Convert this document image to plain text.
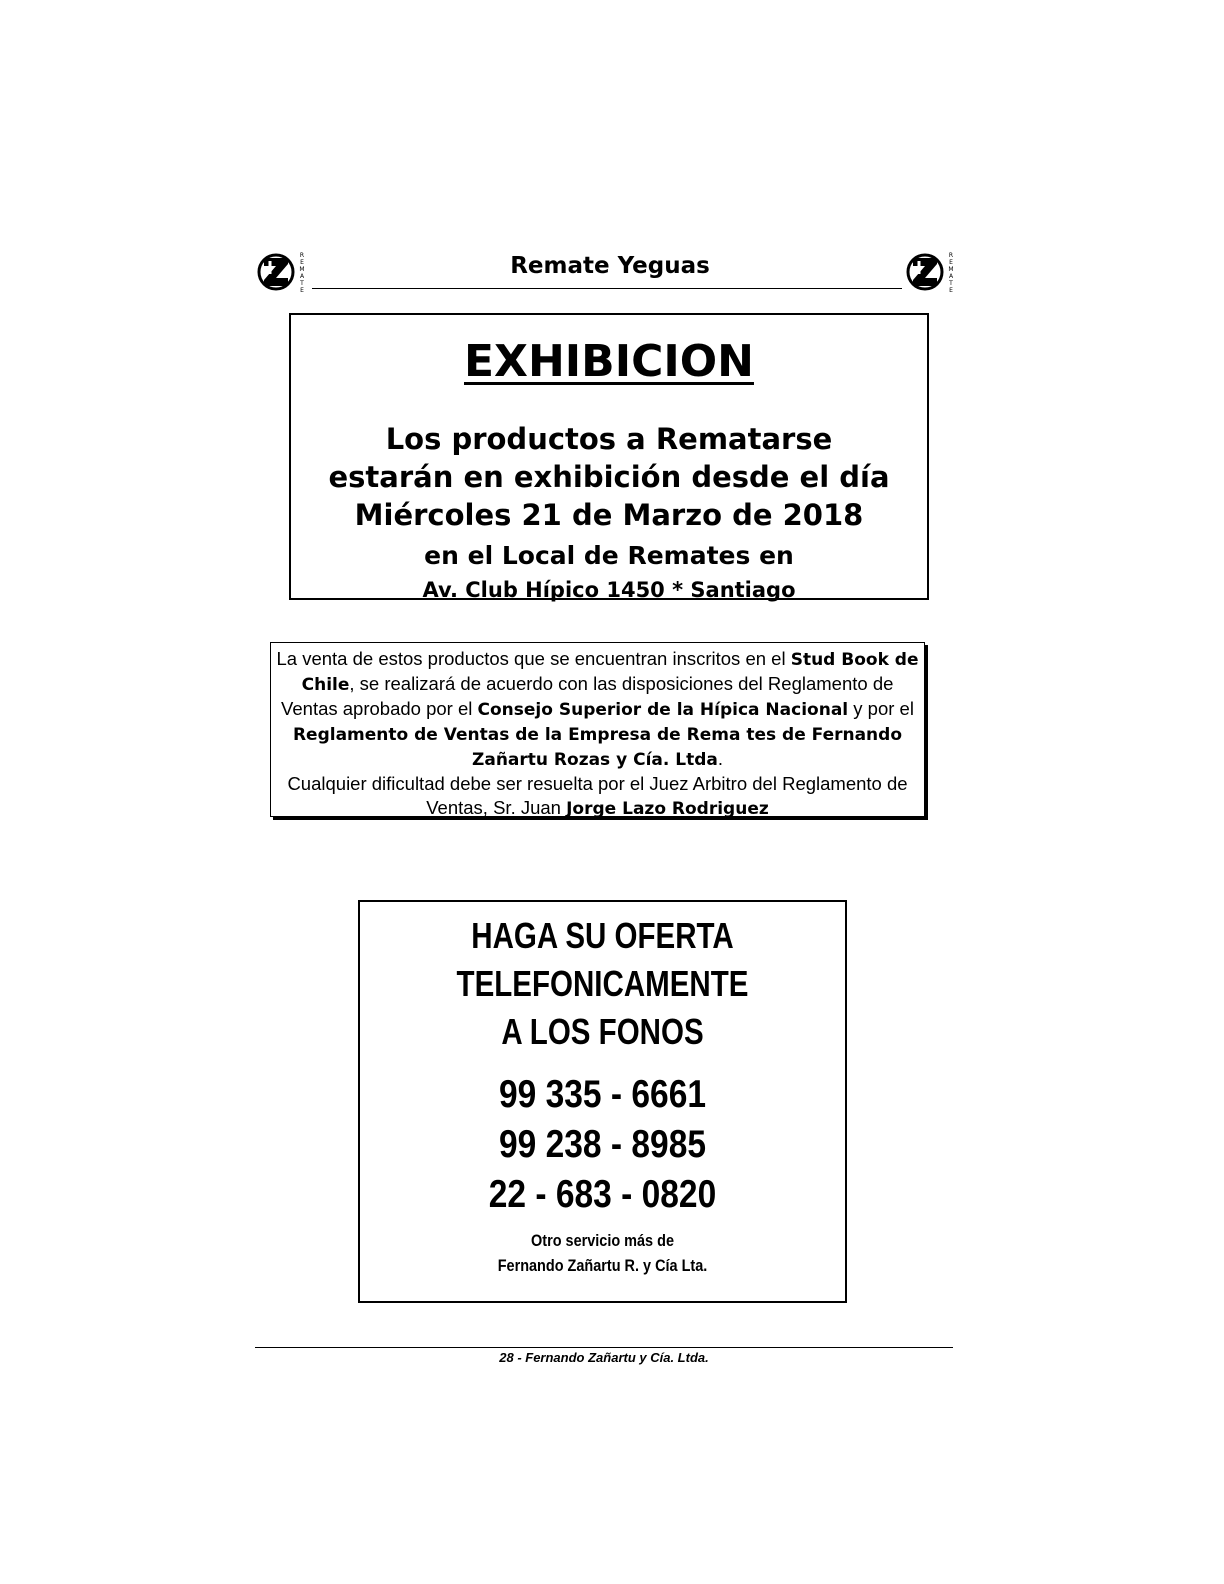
R
E
M
A
T
E
Remate Yeguas	R
E
M
A
T
E
EXHIBICION
Los productos a Rematarse
estarán en exhibición desde el día
Miércoles 21 de Marzo de 2018
en el Local de Remates en
Av. Club Hípico 1450 * Santiago
La venta de estos productos que se encuentran inscritos en el Stud Book de Chile, se realizará de acuerdo con las disposiciones del Reglamento de Ventas aprobado por el Consejo Superior de la Hípica Nacional y por el Reglamento de Ventas de la Empresa de Rema tes de Fernando Zañartu Rozas y Cía. Ltda.
Cualquier dificultad debe ser resuelta por el Juez Arbitro del Reglamento de Ventas, Sr. Juan Jorge Lazo Rodriguez
HAGA SU OFERTA
TELEFONICAMENTE
A LOS FONOS
99 335 - 6661
99 238 - 8985
22 - 683 - 0820
Otro servicio más de
Fernando Zañartu R. y Cía Lta.
28 - Fernando Zañartu y Cía. Ltda.
